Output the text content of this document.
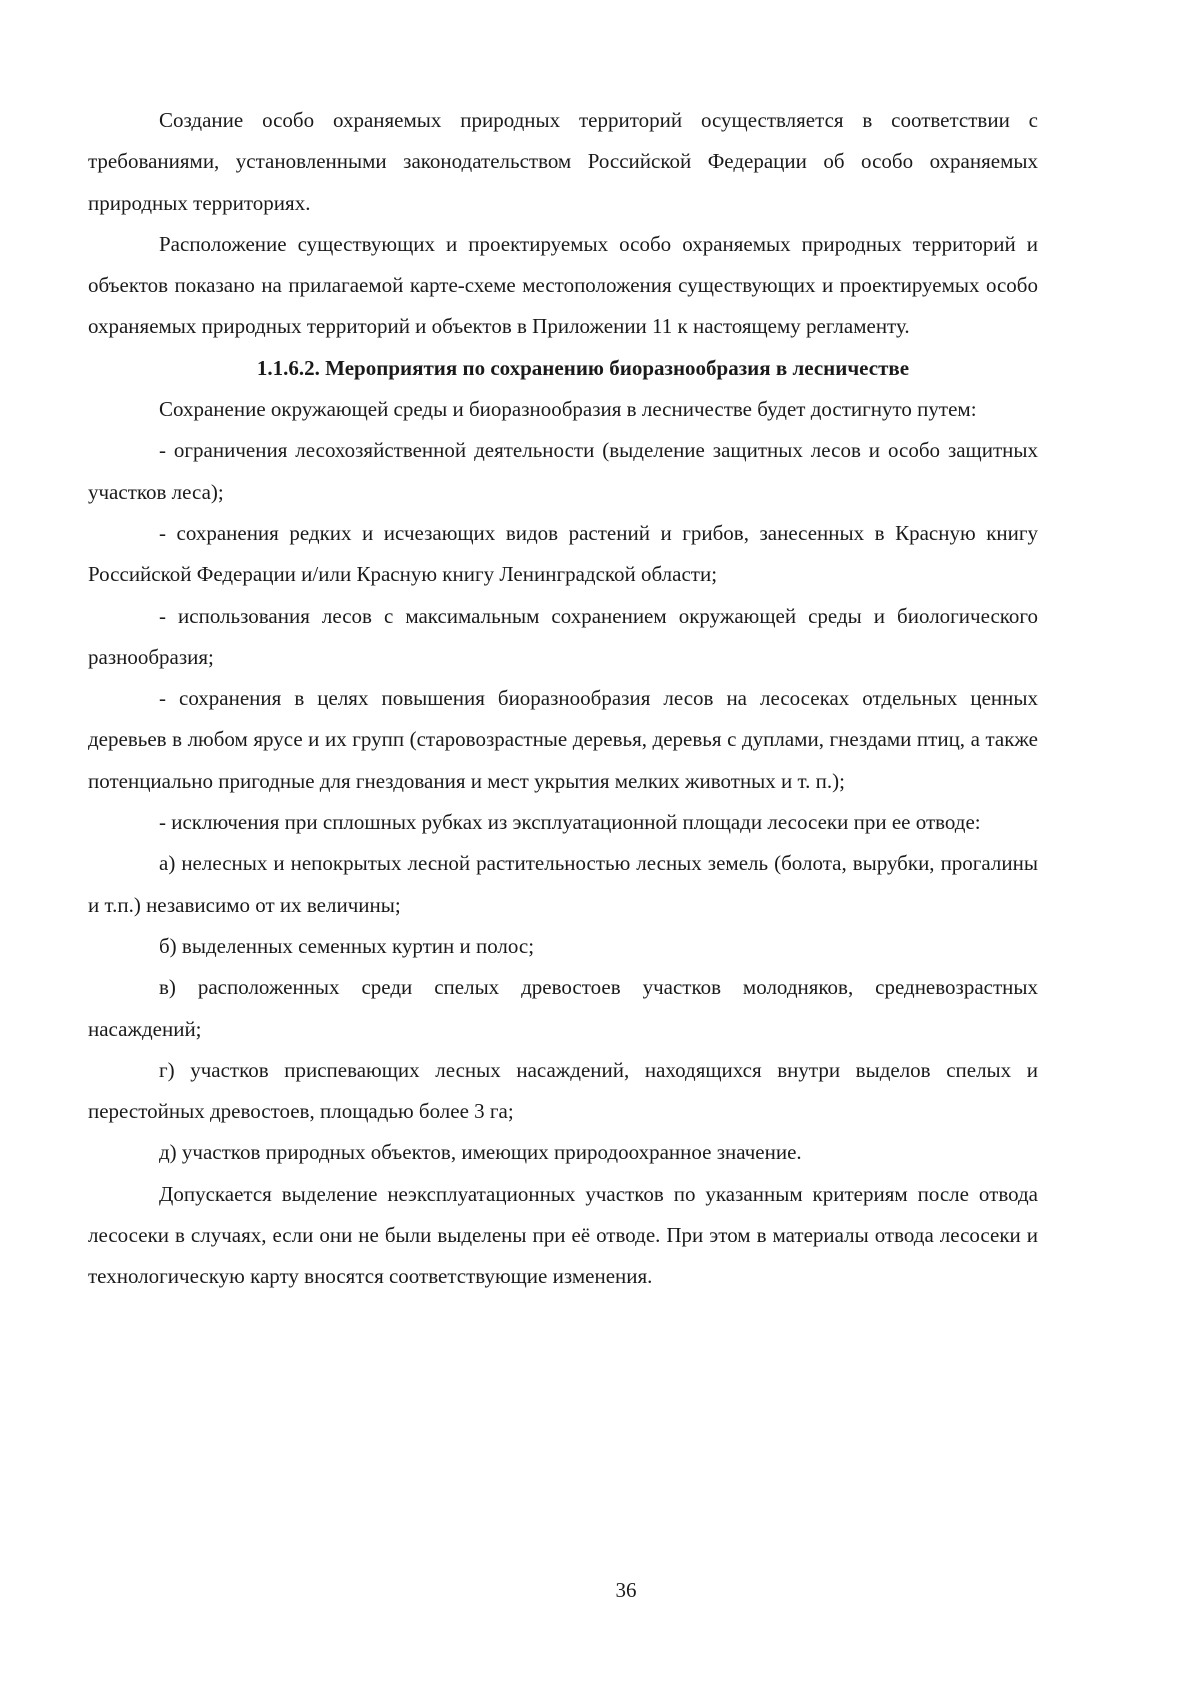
Создание особо охраняемых природных территорий осуществляется в соответствии с требованиями, установленными законодательством Российской Федерации об особо охраняемых природных территориях.

Расположение существующих и проектируемых особо охраняемых природных территорий и объектов показано на прилагаемой карте-схеме местоположения существующих и проектируемых особо охраняемых природных территорий и объектов в Приложении 11 к настоящему регламенту.

1.1.6.2. Мероприятия по сохранению биоразнообразия в лесничестве

Сохранение окружающей среды и биоразнообразия в лесничестве будет достигнуто путем:

- ограничения лесохозяйственной деятельности (выделение защитных лесов и особо защитных участков леса);

- сохранения редких и исчезающих видов растений и грибов, занесенных в Красную книгу Российской Федерации и/или Красную книгу Ленинградской области;

- использования лесов с максимальным сохранением окружающей среды и биологического разнообразия;

- сохранения в целях повышения биоразнообразия лесов на лесосеках отдельных ценных деревьев в любом ярусе и их групп (старовозрастные деревья, деревья с дуплами, гнездами птиц, а также потенциально пригодные для гнездования и мест укрытия мелких животных и т. п.);

- исключения при сплошных рубках из эксплуатационной площади лесосеки при ее отводе:

а) нелесных и непокрытых лесной растительностью лесных земель (болота, вырубки, прогалины и т.п.) независимо от их величины;

б) выделенных семенных куртин и полос;

в) расположенных среди спелых древостоев участков молодняков, средневозрастных насаждений;

г) участков приспевающих лесных насаждений, находящихся внутри выделов спелых и перестойных древостоев, площадью более 3 га;

д) участков природных объектов, имеющих природоохранное значение.

Допускается выделение неэксплуатационных участков по указанным критериям после отвода лесосеки в случаях, если они не были выделены при её отводе. При этом в материалы отвода лесосеки и технологическую карту вносятся соответствующие изменения.

36
